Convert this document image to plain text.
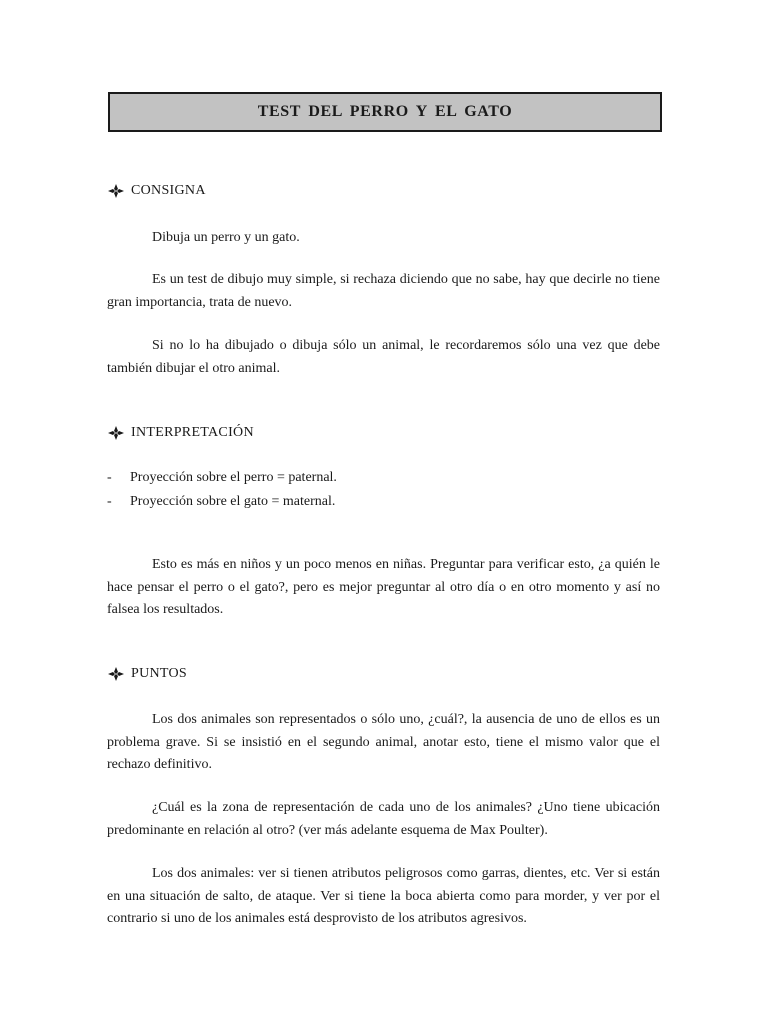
TEST DEL PERRO Y EL GATO
CONSIGNA

Dibuja un perro y un gato.

Es un test de dibujo muy simple, si rechaza diciendo que no sabe, hay que decirle no tiene gran importancia, trata de nuevo.

Si no lo ha dibujado o dibuja sólo un animal, le recordaremos sólo una vez que debe también dibujar el otro animal.

INTERPRETACIÓN
-	Proyección sobre el perro = paternal.
-	Proyección sobre el gato = maternal.

Esto es más en niños y un poco menos en niñas. Preguntar para verificar esto, ¿a quién le hace pensar el perro o el gato?, pero es mejor preguntar al otro día o en otro momento y así no falsea los resultados.

PUNTOS

Los dos animales son representados o sólo uno, ¿cuál?, la ausencia de uno de ellos es un problema grave. Si se insistió en el segundo animal, anotar esto, tiene el mismo valor que el rechazo definitivo.

¿Cuál es la zona de representación de cada uno de los animales? ¿Uno tiene ubicación predominante en relación al otro? (ver más adelante esquema de Max Poulter).

Los dos animales: ver si tienen atributos peligrosos como garras, dientes, etc. Ver si están en una situación de salto, de ataque. Ver si tiene la boca abierta como para morder, y ver por el contrario si uno de los animales está desprovisto de los atributos agresivos.
